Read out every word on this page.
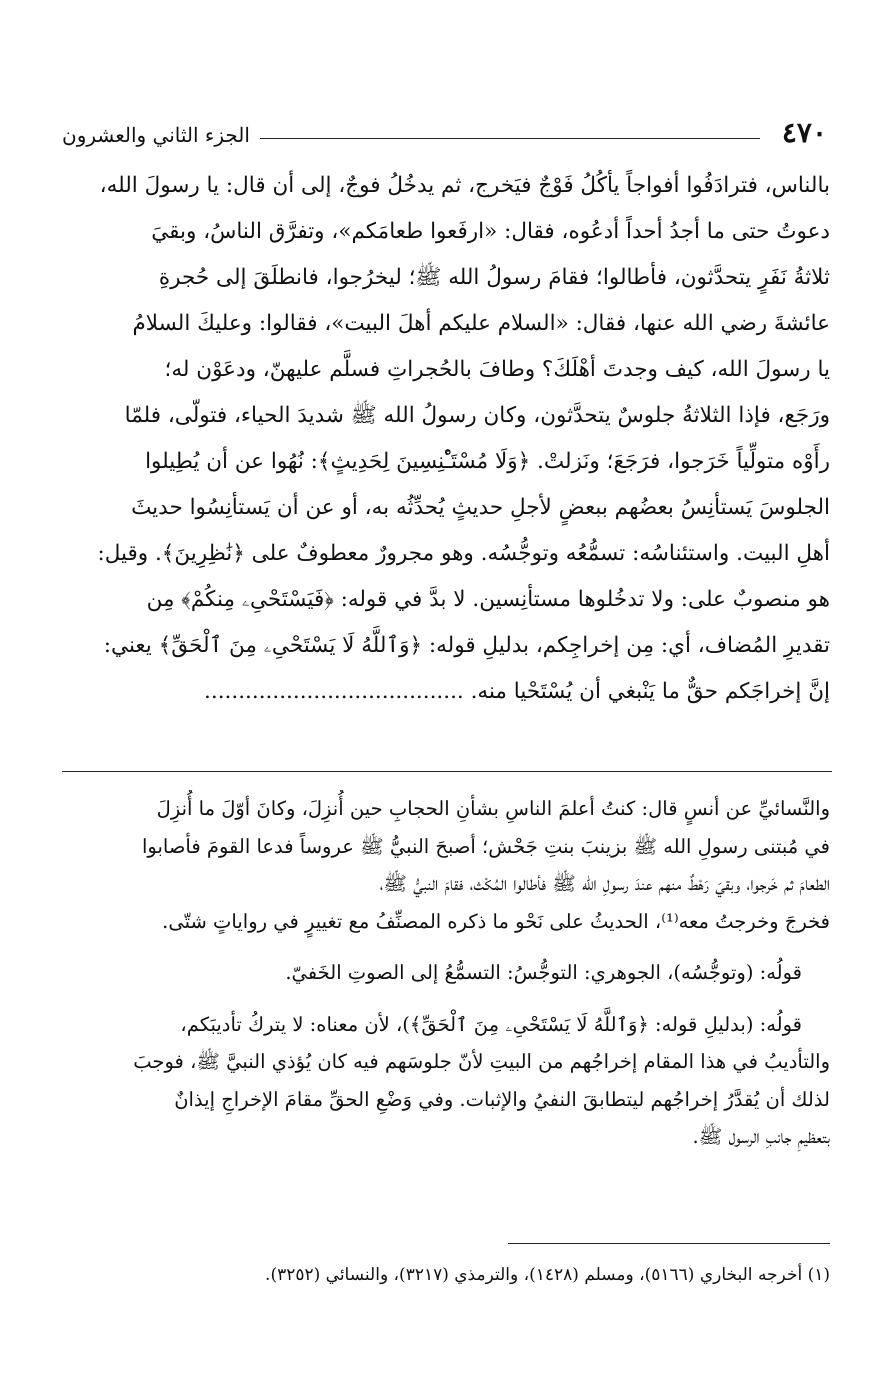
٤٧٠
الجزء الثاني والعشرون
بالناس، فترادَفُوا أفواجاً يأكُلُ فَوْجٌ فيَخرج، ثم يدخُلُ فوجٌ، إلى أن قال: يا رسولَ الله،
دعوتُ حتى ما أجدُ أحداً أدعُوه، فقال: «ارفَعوا طعامَكم»، وتفرَّق الناسُ، وبقيَ
ثلاثةُ نَفَرٍ يتحدَّثون، فأطالوا؛ فقامَ رسولُ الله ﷺ؛ ليخرُجوا، فانطلَقَ إلى حُجرةِ
عائشةَ رضي الله عنها، فقال: «السلام عليكم أهلَ البيت»، فقالوا: وعليكَ السلامُ
يا رسولَ الله، كيف وجدتَ أهْلَكَ؟ وطافَ بالحُجراتِ فسلَّم عليهنّ، ودعَوْن له؛
ورَجَع، فإذا الثلاثةُ جلوسٌ يتحدَّثون، وكان رسولُ الله ﷺ شديدَ الحياء، فتولّى، فلمّا
رأَوْه متولِّياً خَرَجوا، فرَجَعَ؛ ونَزلتْ. ﴿وَلَا مُسْتَـْٔنِسِينَ لِحَدِيثٍ﴾: نُهُوا عن أن يُطِيلوا
الجلوسَ يَستأنِسُ بعضُهم ببعضٍ لأجلِ حديثٍ يُحدِّثُه به، أو عن أن يَستأنِسُوا حديثَ
أهلِ البيت. واستئناسُه: تسمُّعُه وتوجُّسُه. وهو مجرورٌ معطوفٌ على ﴿نَٰظِرِينَ﴾. وقيل:
هو منصوبٌ على: ولا تدخُلوها مستأنِسين. لا بدَّ في قوله: ﴿فَيَسْتَحْىِۦ مِنكُمْ﴾ مِن
تقديرِ المُضاف، أي: مِن إخراجِكم، بدليلِ قوله: ﴿وَٱللَّهُ لَا يَسْتَحْىِۦ مِنَ ٱلْحَقِّ﴾ يعني:
إنَّ إخراجَكم حقٌّ ما يَنْبغي أن يُسْتَحْيا منه. ......................................
والنَّسائيِّ عن أنسٍ قال: كنتُ أعلمَ الناسِ بشأنِ الحجابِ حين أُنزِلَ، وكانَ أوّلَ ما أُنزِلَ
في مُبتنى رسولِ الله ﷺ بزينبَ بنتِ جَحْش؛ أصبحَ النبيُّ ﷺ عروساً فدعا القومَ فأصابوا
الطعامَ ثم خَرجوا، وبقيَ رَهْطٌ منهم عندَ رسولِ الله ﷺ فأطالوا المُكْث، فقامَ النبيُّ ﷺ،
فخرجَ وخرجتُ معه⁽¹⁾، الحديثُ على نَحْو ما ذكره المصنِّفُ مع تغييرٍ في رواياتٍ شتّى.
قولُه: (وتوجُّسُه)، الجوهري: التوجُّسُ: التسمُّعُ إلى الصوتِ الخَفيّ.
قولُه: (بدليلِ قوله: ﴿وَٱللَّهُ لَا يَسْتَحْىِۦ مِنَ ٱلْحَقِّ﴾)، لأن معناه: لا يتركُ تأديبَكم،
والتأديبُ في هذا المقام إخراجُهم من البيتِ لأنّ جلوسَهم فيه كان يُؤذي النبيَّ ﷺ، فوجبَ
لذلك أن يُقدَّرُ إخراجُهم ليتطابقَ النفيُ والإثبات. وفي وَضْعِ الحقِّ مقامَ الإخراجِ إيذانٌ
بتعظيمِ جانبِ الرسول ﷺ.
(١) أخرجه البخاري (٥١٦٦)، ومسلم (١٤٢٨)، والترمذي (٣٢١٧)، والنسائي (٣٢٥٢).
